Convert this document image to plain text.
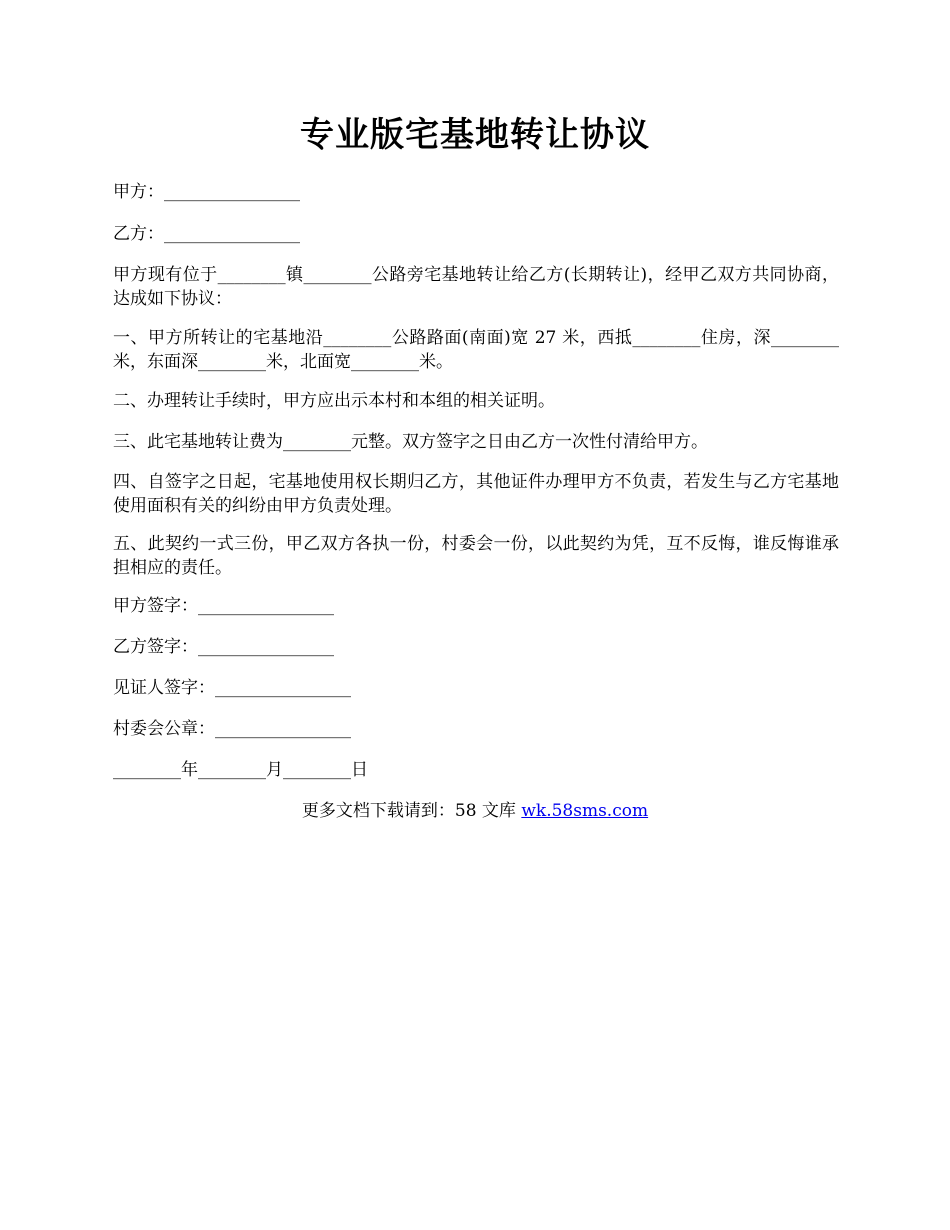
专业版宅基地转让协议
甲方：________________
乙方：________________
甲方现有位于________镇________公路旁宅基地转让给乙方(长期转让)，经甲乙双方共同协商，达成如下协议：
一、甲方所转让的宅基地沿________公路路面(南面)宽 27 米，西抵________住房，深________米，东面深________米，北面宽________米。
二、办理转让手续时，甲方应出示本村和本组的相关证明。
三、此宅基地转让费为________元整。双方签字之日由乙方一次性付清给甲方。
四、自签字之日起，宅基地使用权长期归乙方，其他证件办理甲方不负责，若发生与乙方宅基地使用面积有关的纠纷由甲方负责处理。
五、此契约一式三份，甲乙双方各执一份，村委会一份，以此契约为凭，互不反悔，谁反悔谁承担相应的责任。
甲方签字：________________
乙方签字：________________
见证人签字：________________
村委会公章：________________
________年________月________日
更多文档下载请到：58 文库 wk.58sms.com
